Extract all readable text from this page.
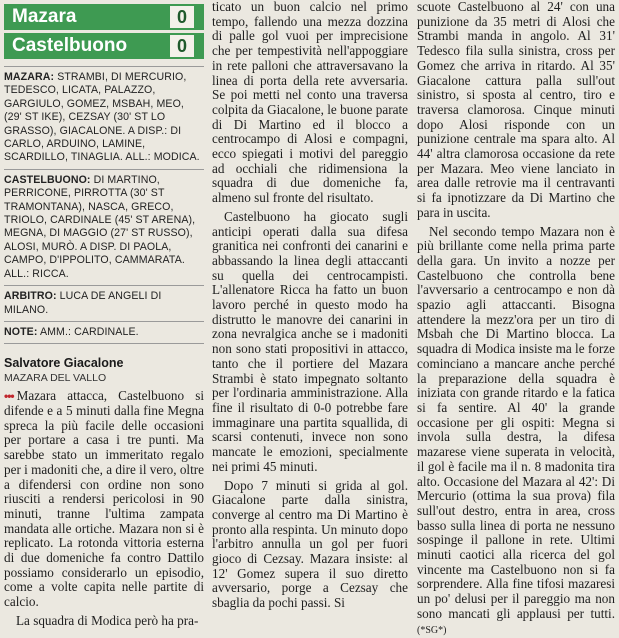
Mazara	0
Castelbuono	0
MAZARA: STRAMBI, DI MERCURIO, TEDESCO, LICATA, PALAZZO, GARGIULO, GOMEZ, MSBAH, MEO, (29' ST IKE), CEZSAY (30' ST LO GRASSO), GIACALONE. A DISP.: DI CARLO, ARDUINO, LAMINE, SCARDILLO, TINAGLIA. ALL.: MODICA.
CASTELBUONO: DI MARTINO, PERRICONE, PIRROTTA (30' ST TRAMONTANA), NASCA, GRECO, TRIOLO, CARDINALE (45' ST ARENA), MEGNA, DI MAGGIO (27' ST RUSSO), ALOSI, MURÒ. A DISP. DI PAOLA, CAMPO, D'IPPOLITO, CAMMARATA. ALL.: RICCA.
ARBITRO: LUCA DE ANGELI DI MILANO.
NOTE: AMM.: CARDINALE.
Salvatore Giacalone
MAZARA DEL VALLO

••• Mazara attacca, Castelbuono si difende e a 5 minuti dalla fine Megna spreca la più facile delle occasioni per portare a casa i tre punti. Ma sarebbe stato un immeritato regalo per i madoniti che, a dire il vero, oltre a difendersi con ordine non sono riusciti a rendersi pericolosi in 90 minuti, tranne l'ultima zampata mandata alle ortiche. Mazara non si è replicato. La rotonda vittoria esterna di due domeniche fa contro Dattilo possiamo considerarlo un episodio, come a volte capita nelle partite di calcio.

La squadra di Modica però ha pra-

ticato un buon calcio nel primo tempo, fallendo una mezza dozzina di palle gol vuoi per imprecisione che per tempestività nell'appoggiare in rete palloni che attraversavano la linea di porta della rete avversaria. Se poi metti nel conto una traversa colpita da Giacalone, le buone parate di Di Martino ed il blocco a centrocampo di Alosi e compagni, ecco spiegati i motivi del pareggio ad occhiali che ridimensiona la squadra di due domeniche fa, almeno sul fronte del risultato.

Castelbuono ha giocato sugli anticipi operati dalla sua difesa granitica nei confronti dei canarini e abbassando la linea degli attaccanti su quella dei centrocampisti. L'allenatore Ricca ha fatto un buon lavoro perché in questo modo ha distrutto le manovre dei canarini in zona nevralgica anche se i madoniti non sono stati propositivi in attacco, tanto che il portiere del Mazara Strambi è stato impegnato soltanto per l'ordinaria amministrazione. Alla fine il risultato di 0-0 potrebbe fare immaginare una partita squallida, di scarsi contenuti, invece non sono mancate le emozioni, specialmente nei primi 45 minuti.

Dopo 7 minuti si grida al gol. Giacalone parte dalla sinistra, converge al centro ma Di Martino è pronto alla respinta. Un minuto dopo l'arbitro annulla un gol per fuori gioco di Cezsay. Mazara insiste: al 12' Gomez supera il suo diretto avversario, porge a Cezsay che sbaglia da pochi passi. Si

scuote Castelbuono al 24' con una punizione da 35 metri di Alosi che Strambi manda in angolo. Al 31' Tedesco fila sulla sinistra, cross per Gomez che arriva in ritardo. Al 35' Giacalone cattura palla sull'out sinistro, si sposta al centro, tiro e traversa clamorosa. Cinque minuti dopo Alosi risponde con un punizione centrale ma spara alto. Al 44' altra clamorosa occasione da rete per Mazara. Meo viene lanciato in area dalle retrovie ma il centravanti si fa ipnotizzare da Di Martino che para in uscita.

Nel secondo tempo Mazara non è più brillante come nella prima parte della gara. Un invito a nozze per Castelbuono che controlla bene l'avversario a centrocampo e non dà spazio agli attaccanti. Bisogna attendere la mezz'ora per un tiro di Msbah che Di Martino blocca. La squadra di Modica insiste ma le forze cominciano a mancare anche perché la preparazione della squadra è iniziata con grande ritardo e la fatica si fa sentire. Al 40' la grande occasione per gli ospiti: Megna si invola sulla destra, la difesa mazarese viene superata in velocità, il gol è facile ma il n. 8 madonita tira alto. Occasione del Mazara al 42': Di Mercurio (ottima la sua prova) fila sull'out destro, entra in area, cross basso sulla linea di porta ne nessuno sospinge il pallone in rete. Ultimi minuti caotici alla ricerca del gol vincente ma Castelbuono non si fa sorprendere. Alla fine tifosi mazaresi un po' delusi per il pareggio ma non sono mancati gli applausi per tutti. (*SG*)
